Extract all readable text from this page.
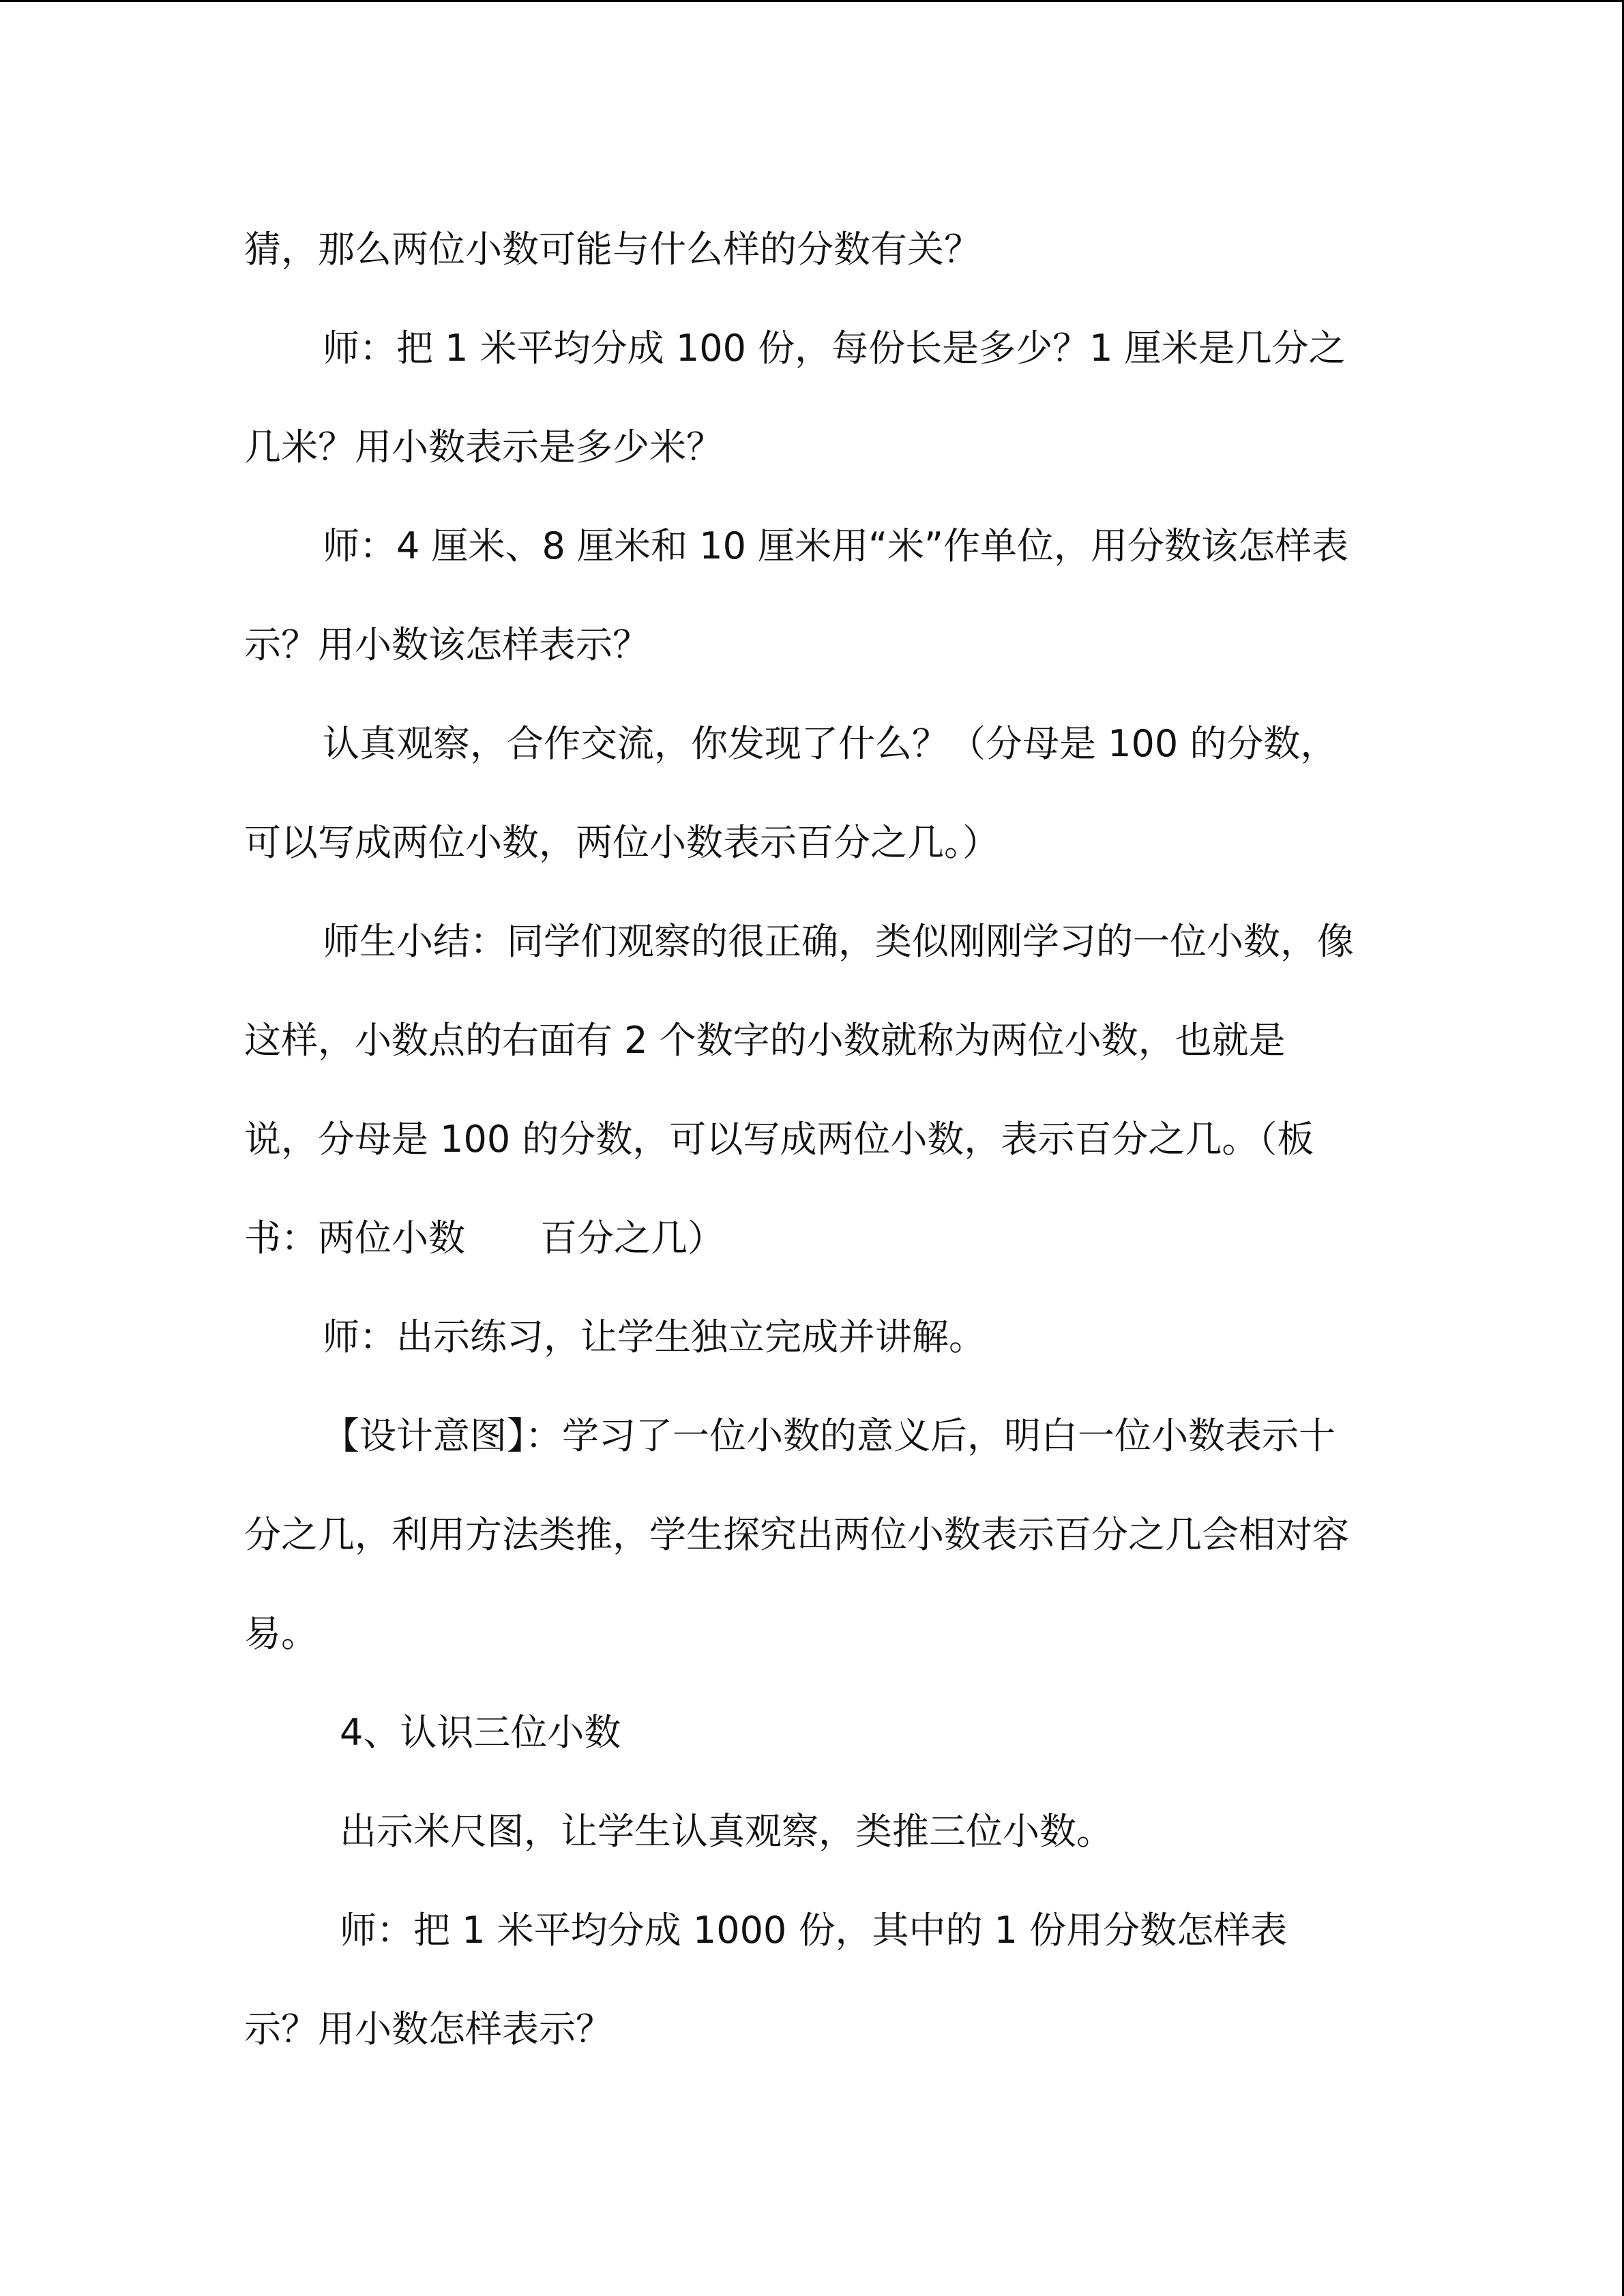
猜，那么两位小数可能与什么样的分数有关？

师：把 1 米平均分成 100 份，每份长是多少？1 厘米是几分之几米？用小数表示是多少米？

师：4 厘米、8 厘米和 10 厘米用“米”作单位，用分数该怎样表示？用小数该怎样表示？

认真观察，合作交流，你发现了什么？（分母是 100 的分数，可以写成两位小数，两位小数表示百分之几。）

师生小结：同学们观察的很正确，类似刚刚学习的一位小数，像这样，小数点的右面有 2 个数字的小数就称为两位小数，也就是说，分母是 100 的分数，可以写成两位小数，表示百分之几。（板书：两位小数 百分之几）

师：出示练习，让学生独立完成并讲解。

【设计意图】：学习了一位小数的意义后，明白一位小数表示十分之几，利用方法类推，学生探究出两位小数表示百分之几会相对容易。

4、认识三位小数

出示米尺图，让学生认真观察，类推三位小数。

师：把 1 米平均分成 1000 份，其中的 1 份用分数怎样表示？用小数怎样表示？
